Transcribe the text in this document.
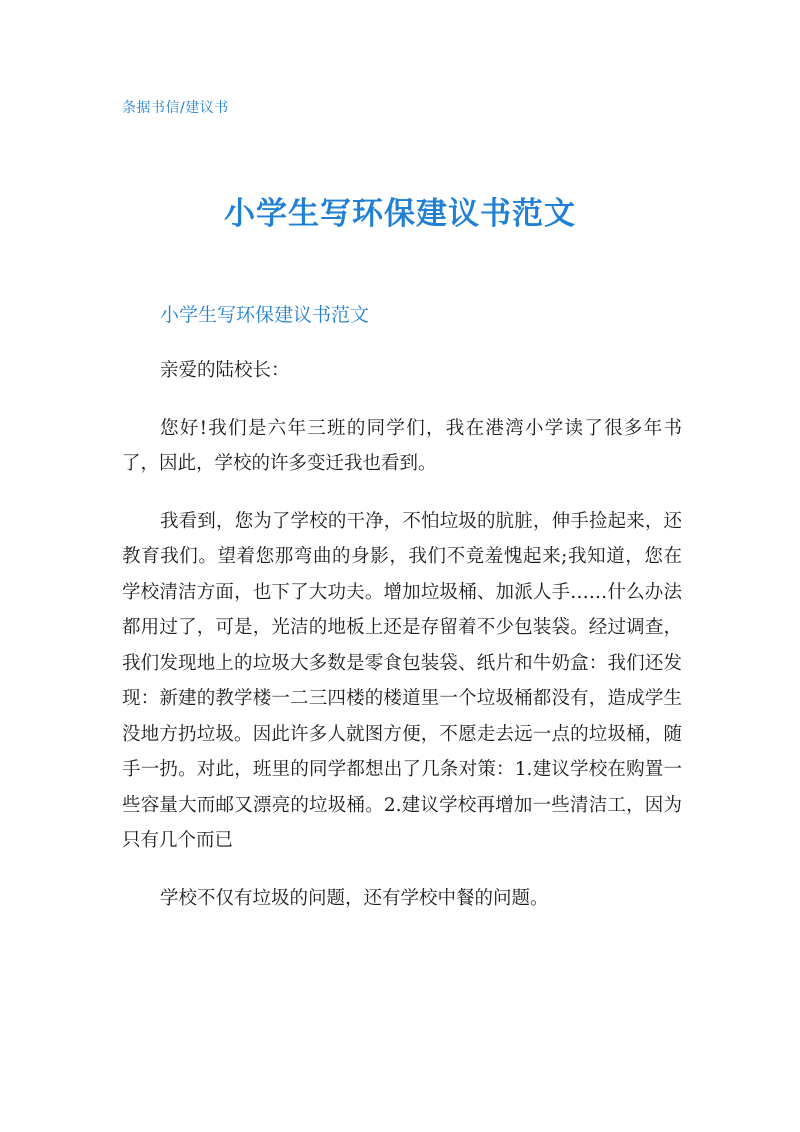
条据书信/建议书
小学生写环保建议书范文

小学生写环保建议书范文

亲爱的陆校长：

您好!我们是六年三班的同学们，我在港湾小学读了很多年书了，因此，学校的许多变迁我也看到。

我看到，您为了学校的干净，不怕垃圾的肮脏，伸手捡起来，还教育我们。望着您那弯曲的身影，我们不竟羞愧起来;我知道，您在学校清洁方面，也下了大功夫。增加垃圾桶、加派人手……什么办法都用过了，可是，光洁的地板上还是存留着不少包装袋。经过调查，我们发现地上的垃圾大多数是零食包装袋、纸片和牛奶盒：我们还发现：新建的教学楼一二三四楼的楼道里一个垃圾桶都没有，造成学生没地方扔垃圾。因此许多人就图方便，不愿走去远一点的垃圾桶，随手一扔。对此，班里的同学都想出了几条对策：1.建议学校在购置一些容量大而邮又漂亮的垃圾桶。2.建议学校再增加一些清洁工，因为只有几个而已

学校不仅有垃圾的问题，还有学校中餐的问题。
